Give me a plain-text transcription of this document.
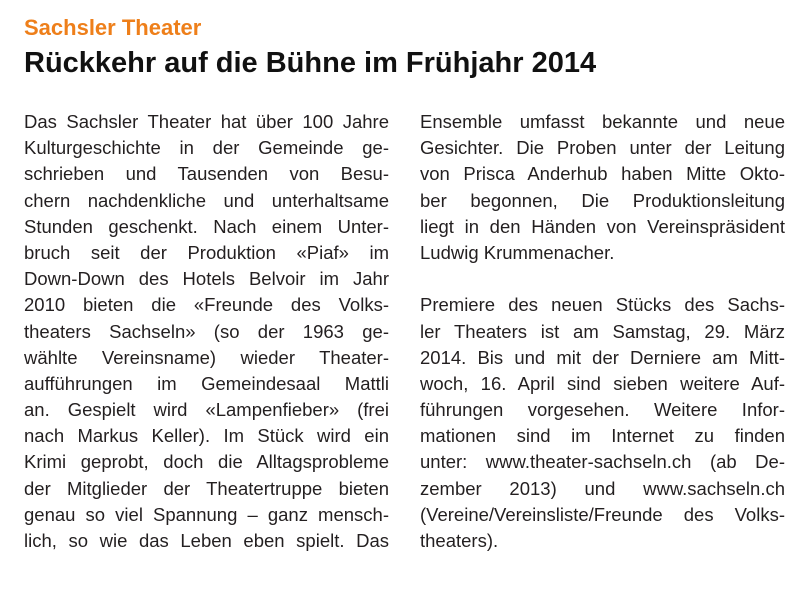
Sachsler Theater
Rückkehr auf die Bühne im Frühjahr 2014
Das Sachsler Theater hat über 100 Jahre
Kulturgeschichte in der Gemeinde ge-
schrieben und Tausenden von Besu-
chern nachdenkliche und unterhaltsame
Stunden geschenkt. Nach einem Unter-
bruch seit der Produktion «Piaf» im
Down-Down des Hotels Belvoir im Jahr
2010 bieten die «Freunde des Volks-
theaters Sachseln» (so der 1963 ge-
wählte Vereinsname) wieder Theater-
aufführungen im Gemeindesaal Mattli
an. Gespielt wird «Lampenfieber» (frei
nach Markus Keller). Im Stück wird ein
Krimi geprobt, doch die Alltagsprobleme
der Mitglieder der Theatertruppe bieten
genau so viel Spannung – ganz mensch-
lich, so wie das Leben eben spielt. Das
Ensemble umfasst bekannte und neue
Gesichter. Die Proben unter der Leitung
von Prisca Anderhub haben Mitte Okto-
ber begonnen, Die Produktionsleitung
liegt in den Händen von Vereinspräsident
Ludwig Krummenacher.
Premiere des neuen Stücks des Sachs-
ler Theaters ist am Samstag, 29. März
2014. Bis und mit der Derniere am Mitt-
woch, 16. April sind sieben weitere Auf-
führungen vorgesehen. Weitere Infor-
mationen sind im Internet zu finden
unter: www.theater-sachseln.ch (ab De-
zember 2013) und www.sachseln.ch
(Vereine/Vereinsliste/Freunde des Volks-
theaters).
